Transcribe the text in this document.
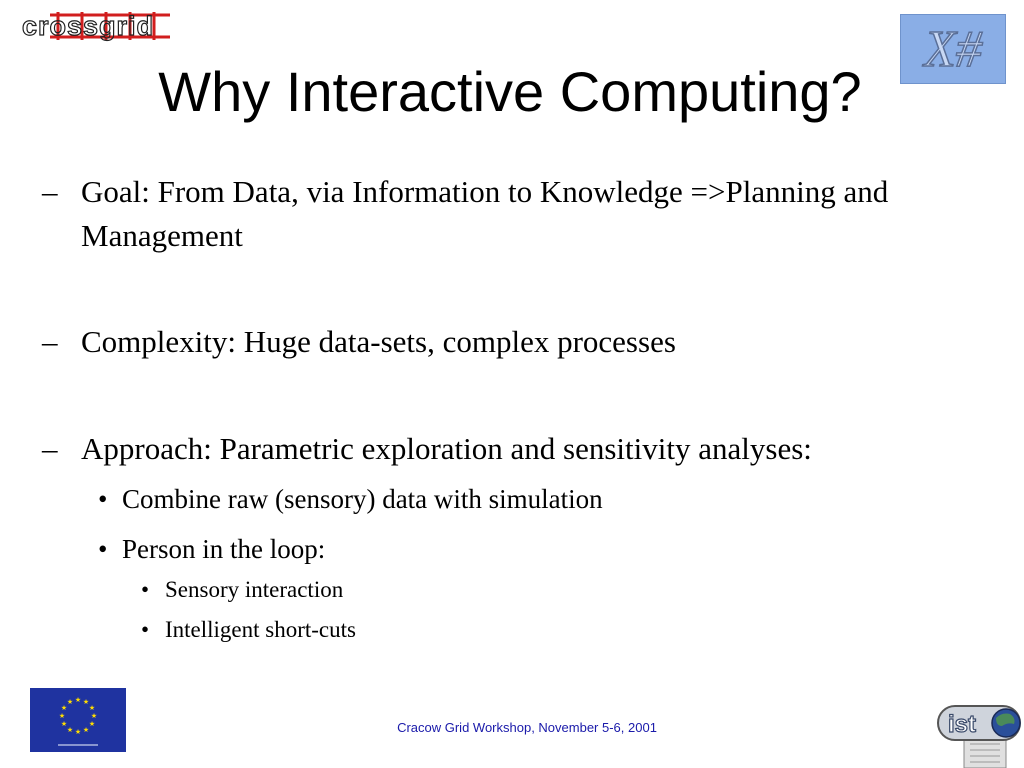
crossgrid	X#
Why Interactive Computing?
– Goal: From Data, via Information to Knowledge =>Planning and Management
– Complexity: Huge data-sets, complex processes
– Approach: Parametric exploration and sensitivity analyses:
• Combine raw (sensory) data with simulation
• Person in the loop:
• Sensory interaction
• Intelligent short-cuts
★ ★
★
★
★
★
★
★
★
★
★
★
Cracow Grid Workshop, November 5-6, 2001	ist
